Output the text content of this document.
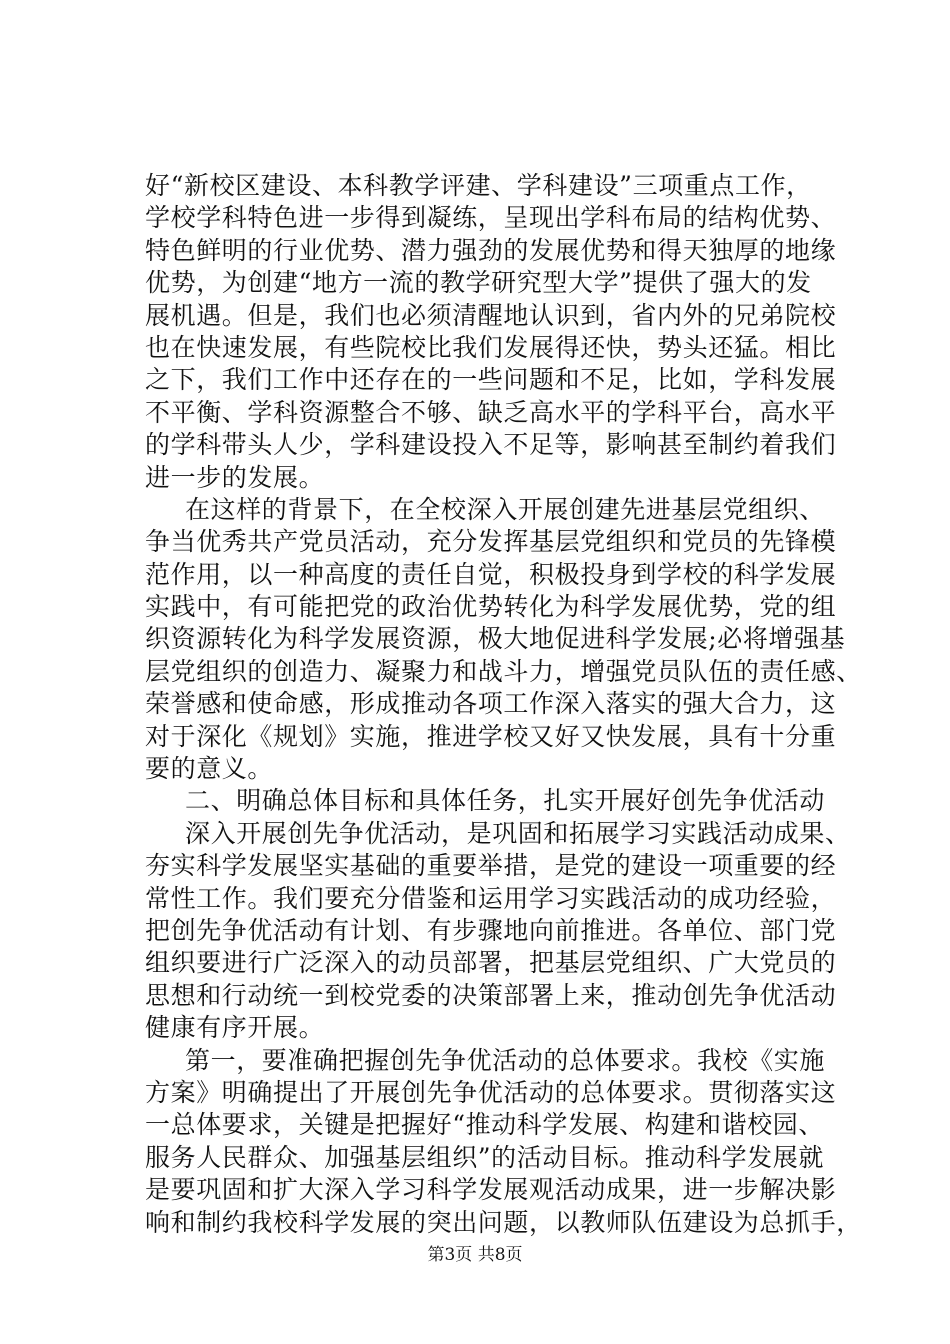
好“新校区建设、本科教学评建、学科建设”三项重点工作，
学校学科特色进一步得到凝练，呈现出学科布局的结构优势、
特色鲜明的行业优势、潜力强劲的发展优势和得天独厚的地缘
优势，为创建“地方一流的教学研究型大学”提供了强大的发
展机遇。但是，我们也必须清醒地认识到，省内外的兄弟院校
也在快速发展，有些院校比我们发展得还快，势头还猛。相比
之下，我们工作中还存在的一些问题和不足，比如，学科发展
不平衡、学科资源整合不够、缺乏高水平的学科平台，高水平
的学科带头人少，学科建设投入不足等，影响甚至制约着我们
进一步的发展。
在这样的背景下，在全校深入开展创建先进基层党组织、
争当优秀共产党员活动，充分发挥基层党组织和党员的先锋模
范作用，以一种高度的责任自觉，积极投身到学校的科学发展
实践中，有可能把党的政治优势转化为科学发展优势，党的组
织资源转化为科学发展资源，极大地促进科学发展;必将增强基
层党组织的创造力、凝聚力和战斗力，增强党员队伍的责任感、
荣誉感和使命感，形成推动各项工作深入落实的强大合力，这
对于深化《规划》实施，推进学校又好又快发展，具有十分重
要的意义。
二、明确总体目标和具体任务，扎实开展好创先争优活动
深入开展创先争优活动，是巩固和拓展学习实践活动成果、
夯实科学发展坚实基础的重要举措，是党的建设一项重要的经
常性工作。我们要充分借鉴和运用学习实践活动的成功经验，
把创先争优活动有计划、有步骤地向前推进。各单位、部门党
组织要进行广泛深入的动员部署，把基层党组织、广大党员的
思想和行动统一到校党委的决策部署上来，推动创先争优活动
健康有序开展。
第一，要准确把握创先争优活动的总体要求。我校《实施
方案》明确提出了开展创先争优活动的总体要求。贯彻落实这
一总体要求，关键是把握好“推动科学发展、构建和谐校园、
服务人民群众、加强基层组织”的活动目标。推动科学发展就
是要巩固和扩大深入学习科学发展观活动成果，进一步解决影
响和制约我校科学发展的突出问题，以教师队伍建设为总抓手，
第3页 共8页
